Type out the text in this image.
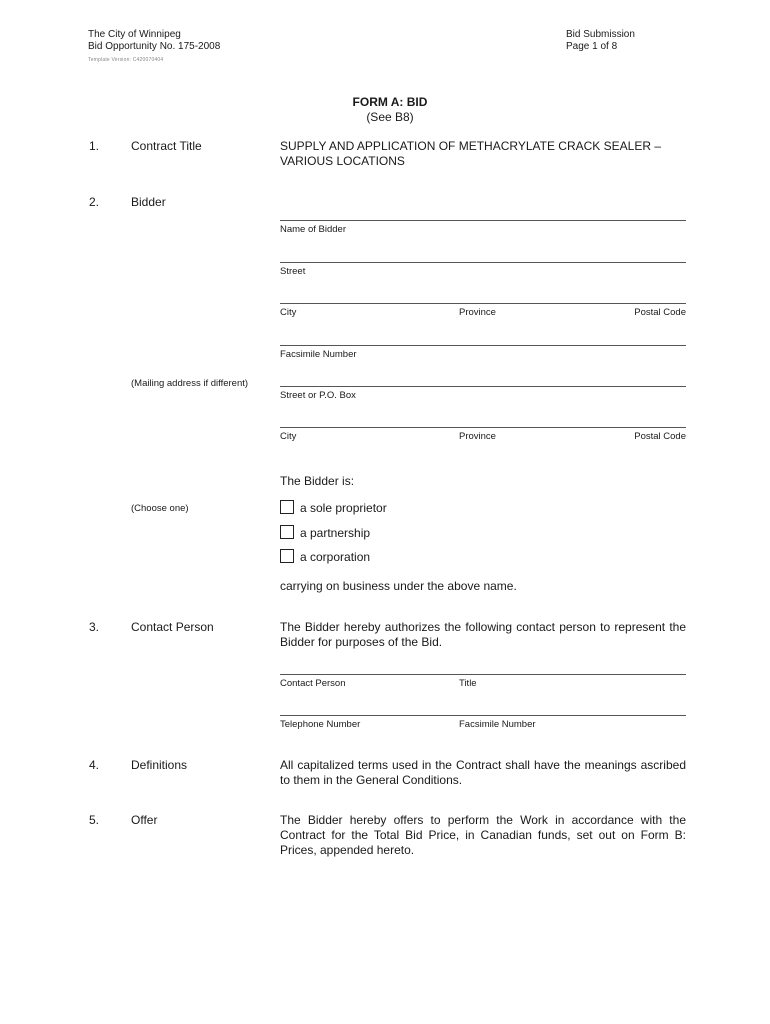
The City of Winnipeg
Bid Opportunity No. 175-2008
Template Version: C420070404
Bid Submission
Page 1 of 8
FORM A: BID
(See B8)
1.	Contract Title	SUPPLY AND APPLICATION OF METHACRYLATE CRACK SEALER – VARIOUS LOCATIONS
2.	Bidder
Name of Bidder
Street
City	Province	Postal Code
Facsimile Number
(Mailing address if different)
Street or P.O. Box
City	Province	Postal Code
The Bidder is:
(Choose one)	a sole proprietor
a partnership
a corporation
carrying on business under the above name.
3.	Contact Person	The Bidder hereby authorizes the following contact person to represent the Bidder for purposes of the Bid.
Contact Person	Title
Telephone Number	Facsimile Number
4.	Definitions	All capitalized terms used in the Contract shall have the meanings ascribed to them in the General Conditions.
5.	Offer	The Bidder hereby offers to perform the Work in accordance with the Contract for the Total Bid Price, in Canadian funds, set out on Form B: Prices, appended hereto.
